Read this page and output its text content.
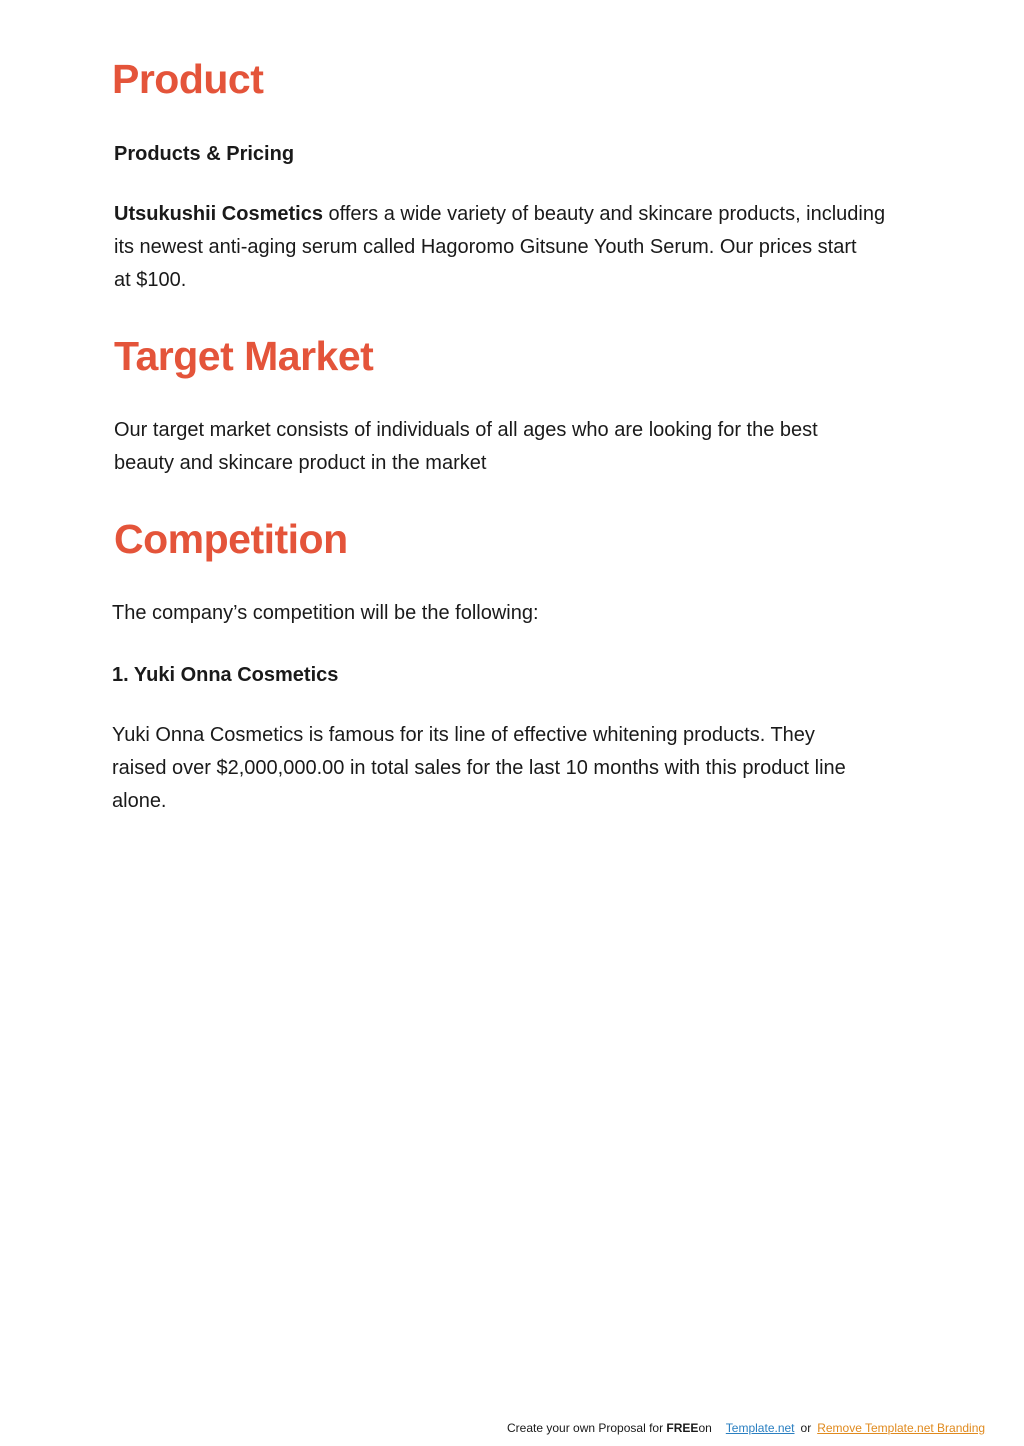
Product
Products & Pricing

Utsukushii Cosmetics offers a wide variety of beauty and skincare products, including
its newest anti-aging serum called Hagoromo Gitsune Youth Serum. Our prices start
at $100.

Target Market

Our target market consists of individuals of all ages who are looking for the best
beauty and skincare product in the market

Competition

The company’s competition will be the following:

1. Yuki Onna Cosmetics

Yuki Onna Cosmetics is famous for its line of effective whitening products. They
raised over $2,000,000.00 in total sales for the last 10 months with this product line
alone.

Create your own Proposal for FREEon Template.net or Remove Template.net Branding
